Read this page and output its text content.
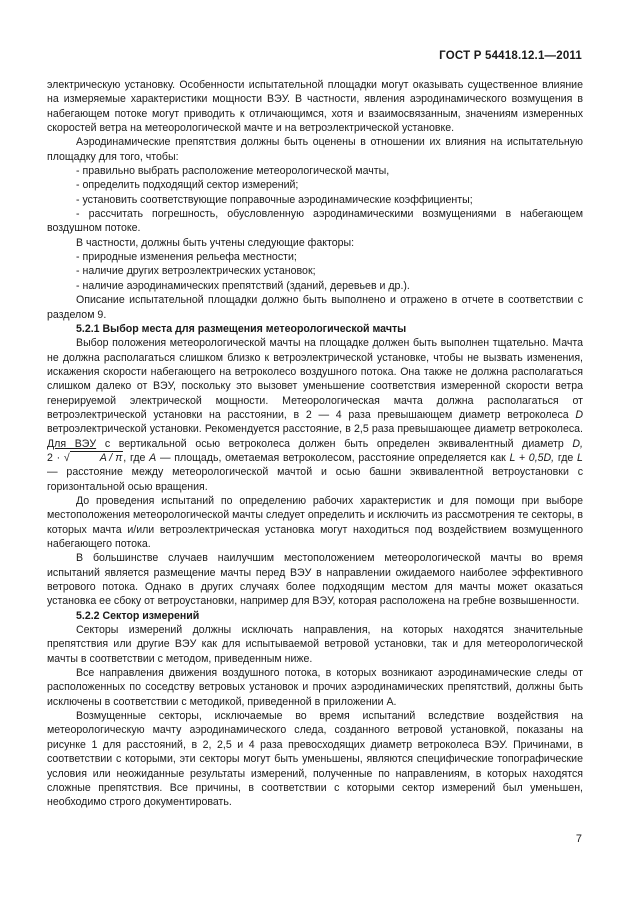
ГОСТ Р 54418.12.1—2011

электрическую установку. Особенности испытательной площадки могут оказывать существенное влияние на измеряемые характеристики мощности ВЭУ. В частности, явления аэродинамического возмущения в набегающем потоке могут приводить к отличающимся, хотя и взаимосвязанным, значениям измеренных скоростей ветра на метеорологической мачте и на ветроэлектрической установке.

Аэродинамические препятствия должны быть оценены в отношении их влияния на испытательную площадку для того, чтобы:

- правильно выбрать расположение метеорологической мачты,

- определить подходящий сектор измерений;

- установить соответствующие поправочные аэродинамические коэффициенты;

- рассчитать погрешность, обусловленную аэродинамическими возмущениями в набегающем воздушном потоке.

В частности, должны быть учтены следующие факторы:

- природные изменения рельефа местности;

- наличие других ветроэлектрических установок;

- наличие аэродинамических препятствий (зданий, деревьев и др.).

Описание испытательной площадки должно быть выполнено и отражено в отчете в соответствии с разделом 9.

5.2.1 Выбор места для размещения метеорологической мачты

Выбор положения метеорологической мачты на площадке должен быть выполнен тщательно. Мачта не должна располагаться слишком близко к ветроэлектрической установке, чтобы не вызвать изменения, искажения скорости набегающего на ветроколесо воздушного потока. Она также не должна располагаться слишком далеко от ВЭУ, поскольку это вызовет уменьшение соответствия измеренной скорости ветра генерируемой электрической мощности. Метеорологическая мачта должна располагаться от ветроэлектрической установки на расстоянии, в 2 — 4 раза превышающем диаметр ветроколеса D ветроэлектрической установки. Рекомендуется расстояние, в 2,5 раза превышающее диаметр ветроколеса. Для ВЭУ с вертикальной осью ветроколеса должен быть определен эквивалентный диаметр D, 2 · √	A / π, где A — площадь, ометаемая ветроколесом, расстояние определяется как L + 0,5D, где L — расстояние между метеорологической мачтой и осью башни эквивалентной ветроустановки с горизонтальной осью вращения.

До проведения испытаний по определению рабочих характеристик и для помощи при выборе местоположения метеорологической мачты следует определить и исключить из рассмотрения те секторы, в которых мачта и/или ветроэлектрическая установка могут находиться под воздействием возмущенного набегающего потока.

В большинстве случаев наилучшим местоположением метеорологической мачты во время испытаний является размещение мачты перед ВЭУ в направлении ожидаемого наиболее эффективного ветрового потока. Однако в других случаях более подходящим местом для мачты может оказаться установка ее сбоку от ветроустановки, например для ВЭУ, которая расположена на гребне возвышенности.

5.2.2 Сектор измерений

Секторы измерений должны исключать направления, на которых находятся значительные препятствия или другие ВЭУ как для испытываемой ветровой установки, так и для метеорологической мачты в соответствии с методом, приведенным ниже.

Все направления движения воздушного потока, в которых возникают аэродинамические следы от расположенных по соседству ветровых установок и прочих аэродинамических препятствий, должны быть исключены в соответствии с методикой, приведенной в приложении А.

Возмущенные секторы, исключаемые во время испытаний вследствие воздействия на метеорологическую мачту аэродинамического следа, созданного ветровой установкой, показаны на рисунке 1 для расстояний, в 2, 2,5 и 4 раза превосходящих диаметр ветроколеса ВЭУ. Причинами, в соответствии с которыми, эти секторы могут быть уменьшены, являются специфические топографические условия или неожиданные результаты измерений, полученные по направлениям, в которых находятся сложные препятствия. Все причины, в соответствии с которыми сектор измерений был уменьшен, необходимо строго документировать.

7
